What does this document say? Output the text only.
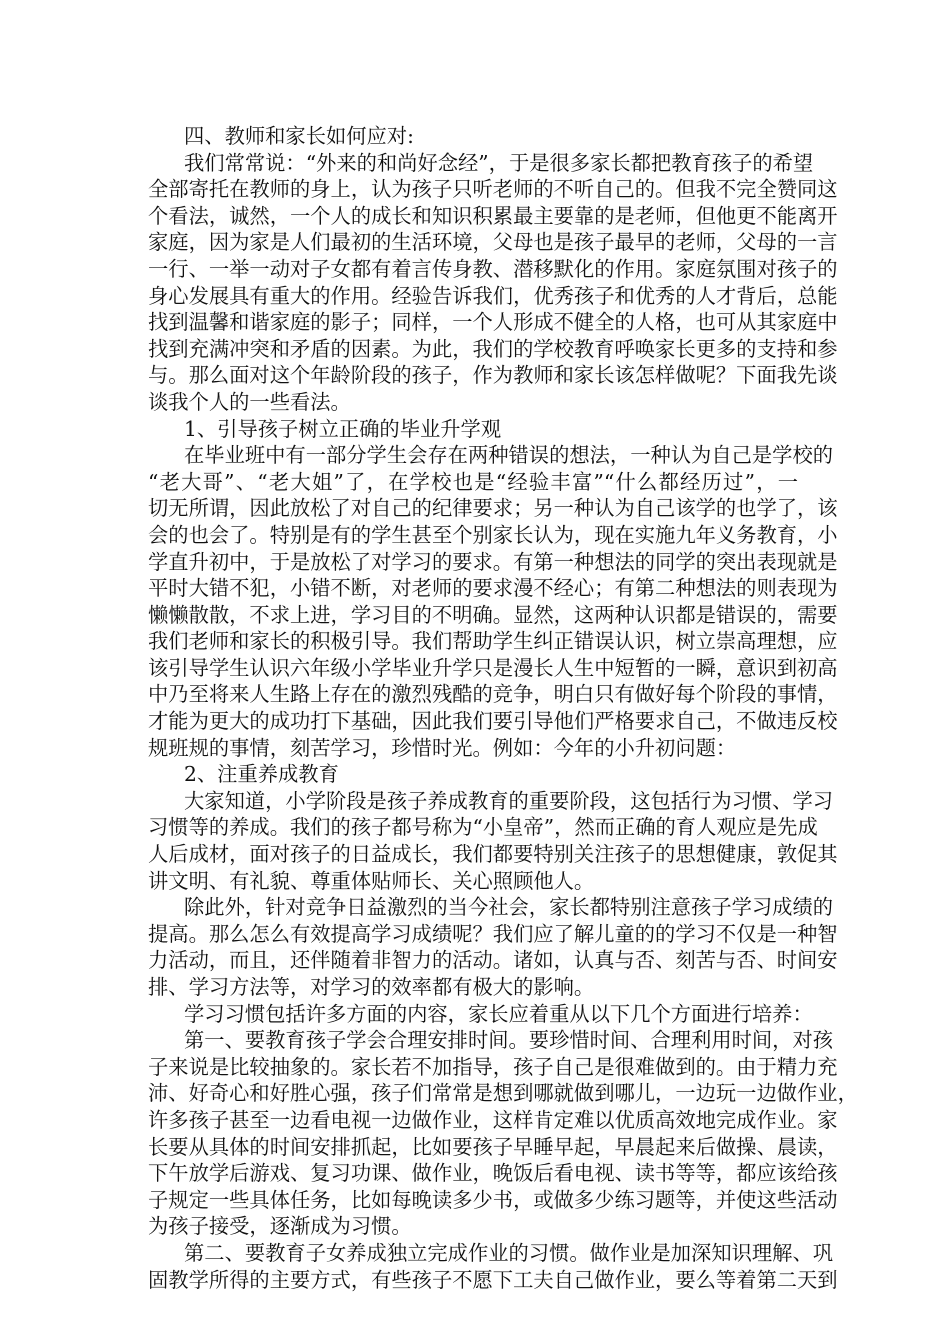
四、教师和家长如何应对:
我们常常说：“外来的和尚好念经”，于是很多家长都把教育孩子的希望
全部寄托在教师的身上，认为孩子只听老师的不听自己的。但我不完全赞同这
个看法，诚然，一个人的成长和知识积累最主要靠的是老师，但他更不能离开
家庭，因为家是人们最初的生活环境，父母也是孩子最早的老师，父母的一言
一行、一举一动对子女都有着言传身教、潜移默化的作用。家庭氛围对孩子的
身心发展具有重大的作用。经验告诉我们，优秀孩子和优秀的人才背后，总能
找到温馨和谐家庭的影子；同样，一个人形成不健全的人格，也可从其家庭中
找到充满冲突和矛盾的因素。为此，我们的学校教育呼唤家长更多的支持和参
与。那么面对这个年龄阶段的孩子，作为教师和家长该怎样做呢？下面我先谈
谈我个人的一些看法。
1、引导孩子树立正确的毕业升学观
在毕业班中有一部分学生会存在两种错误的想法，一种认为自己是学校的
“老大哥”、“老大姐”了，在学校也是“经验丰富”“什么都经历过”，一
切无所谓，因此放松了对自己的纪律要求；另一种认为自己该学的也学了，该
会的也会了。特别是有的学生甚至个别家长认为，现在实施九年义务教育，小
学直升初中，于是放松了对学习的要求。有第一种想法的同学的突出表现就是
平时大错不犯，小错不断，对老师的要求漫不经心；有第二种想法的则表现为
懒懒散散，不求上进，学习目的不明确。显然，这两种认识都是错误的，需要
我们老师和家长的积极引导。我们帮助学生纠正错误认识，树立崇高理想，应
该引导学生认识六年级小学毕业升学只是漫长人生中短暂的一瞬，意识到初高
中乃至将来人生路上存在的激烈残酷的竞争，明白只有做好每个阶段的事情，
才能为更大的成功打下基础，因此我们要引导他们严格要求自己，不做违反校
规班规的事情，刻苦学习，珍惜时光。例如：今年的小升初问题：
2、注重养成教育
大家知道，小学阶段是孩子养成教育的重要阶段，这包括行为习惯、学习
习惯等的养成。我们的孩子都号称为“小皇帝”，然而正确的育人观应是先成
人后成材，面对孩子的日益成长，我们都要特别关注孩子的思想健康，敦促其
讲文明、有礼貌、尊重体贴师长、关心照顾他人。
除此外，针对竞争日益激烈的当今社会，家长都特别注意孩子学习成绩的
提高。那么怎么有效提高学习成绩呢？我们应了解儿童的的学习不仅是一种智
力活动，而且，还伴随着非智力的活动。诸如，认真与否、刻苦与否、时间安
排、学习方法等，对学习的效率都有极大的影响。
学习习惯包括许多方面的内容，家长应着重从以下几个方面进行培养：
第一、要教育孩子学会合理安排时间。要珍惜时间、合理利用时间，对孩
子来说是比较抽象的。家长若不加指导，孩子自己是很难做到的。由于精力充
沛、好奇心和好胜心强，孩子们常常是想到哪就做到哪儿，一边玩一边做作业，
许多孩子甚至一边看电视一边做作业，这样肯定难以优质高效地完成作业。家
长要从具体的时间安排抓起，比如要孩子早睡早起，早晨起来后做操、晨读，
下午放学后游戏、复习功课、做作业，晚饭后看电视、读书等等，都应该给孩
子规定一些具体任务，比如每晚读多少书，或做多少练习题等，并使这些活动
为孩子接受，逐渐成为习惯。
第二、要教育子女养成独立完成作业的习惯。做作业是加深知识理解、巩
固教学所得的主要方式，有些孩子不愿下工夫自己做作业，要么等着第二天到
